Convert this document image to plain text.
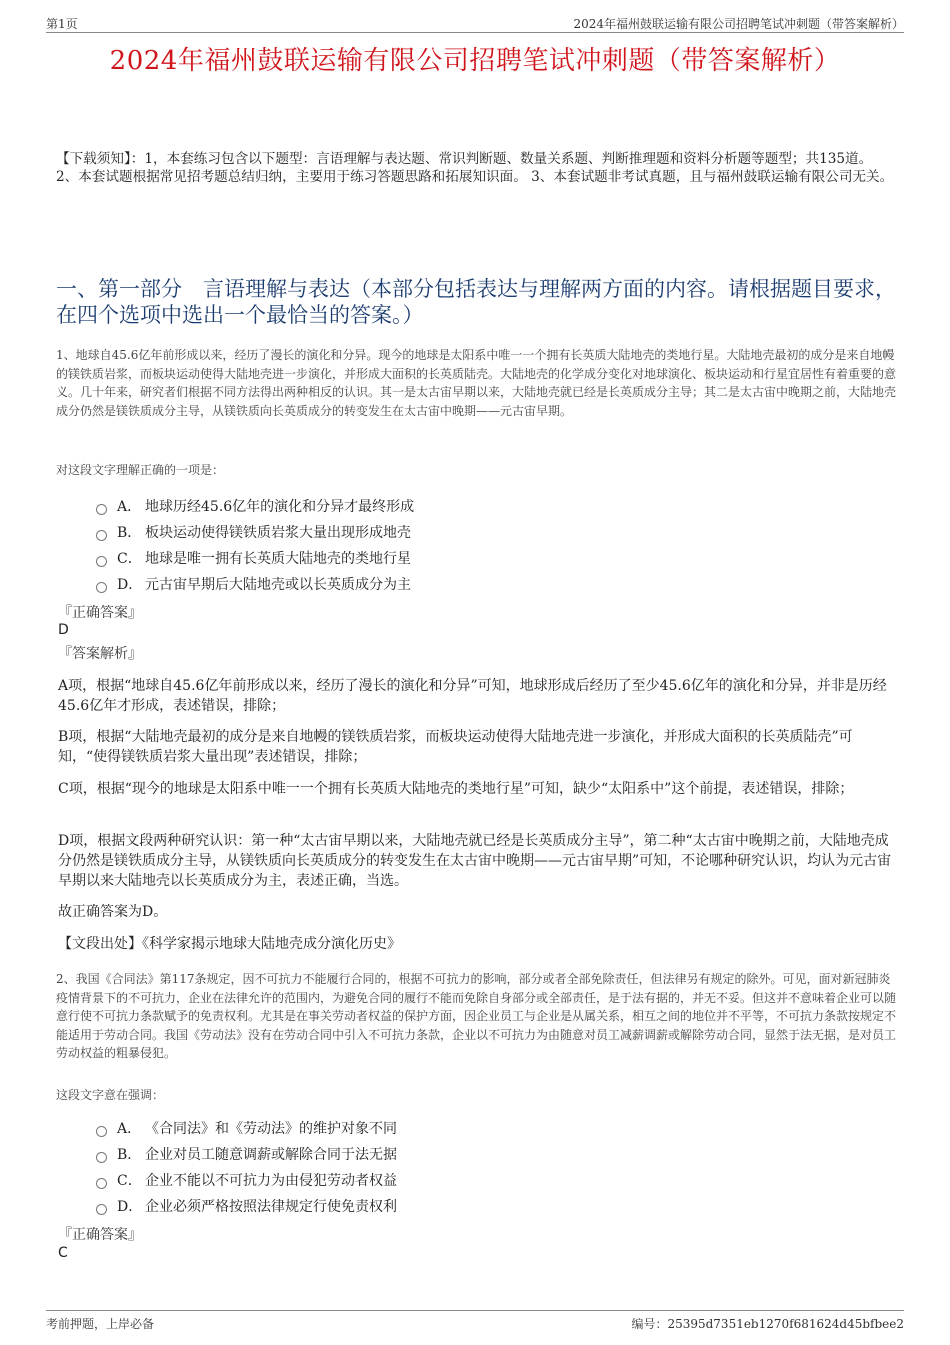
第1页	2024年福州鼓联运输有限公司招聘笔试冲刺题（带答案解析）
2024年福州鼓联运输有限公司招聘笔试冲刺题（带答案解析）
【下载须知】：1，本套练习包含以下题型：言语理解与表达题、常识判断题、数量关系题、判断推理题和资料分析题等题型；共135道。 2、本套试题根据常见招考题总结归纳，主要用于练习答题思路和拓展知识面。 3、本套试题非考试真题，且与福州鼓联运输有限公司无关。
一、第一部分　言语理解与表达（本部分包括表达与理解两方面的内容。请根据题目要求，在四个选项中选出一个最恰当的答案。）
1、地球自45.6亿年前形成以来，经历了漫长的演化和分异。现今的地球是太阳系中唯一一个拥有长英质大陆地壳的类地行星。大陆地壳最初的成分是来自地幔的镁铁质岩浆，而板块运动使得大陆地壳进一步演化，并形成大面积的长英质陆壳。大陆地壳的化学成分变化对地球演化、板块运动和行星宜居性有着重要的意义。几十年来，研究者们根据不同方法得出两种相反的认识。其一是太古宙早期以来，大陆地壳就已经是长英质成分主导；其二是太古宙中晚期之前，大陆地壳成分仍然是镁铁质成分主导，从镁铁质向长英质成分的转变发生在太古宙中晚期——元古宙早期。
对这段文字理解正确的一项是：
A． 地球历经45.6亿年的演化和分异才最终形成
B． 板块运动使得镁铁质岩浆大量出现形成地壳
C． 地球是唯一拥有长英质大陆地壳的类地行星
D． 元古宙早期后大陆地壳或以长英质成分为主
『正确答案』
D
『答案解析』
A项，根据“地球自45.6亿年前形成以来，经历了漫长的演化和分异”可知，地球形成后经历了至少45.6亿年的演化和分异，并非是历经45.6亿年才形成，表述错误，排除；
B项，根据“大陆地壳最初的成分是来自地幔的镁铁质岩浆，而板块运动使得大陆地壳进一步演化，并形成大面积的长英质陆壳”可知，“使得镁铁质岩浆大量出现”表述错误，排除；
C项，根据“现今的地球是太阳系中唯一一个拥有长英质大陆地壳的类地行星”可知，缺少“太阳系中”这个前提，表述错误，排除；
D项，根据文段两种研究认识：第一种“太古宙早期以来，大陆地壳就已经是长英质成分主导”，第二种“太古宙中晚期之前，大陆地壳成分仍然是镁铁质成分主导，从镁铁质向长英质成分的转变发生在太古宙中晚期——元古宙早期”可知，不论哪种研究认识，均认为元古宙早期以来大陆地壳以长英质成分为主，表述正确，当选。
故正确答案为D。
【文段出处】《科学家揭示地球大陆地壳成分演化历史》
2、我国《合同法》第117条规定，因不可抗力不能履行合同的，根据不可抗力的影响，部分或者全部免除责任，但法律另有规定的除外。可见，面对新冠肺炎疫情背景下的不可抗力，企业在法律允许的范围内，为避免合同的履行不能而免除自身部分或全部责任，是于法有据的，并无不妥。但这并不意味着企业可以随意行使不可抗力条款赋予的免责权利。尤其是在事关劳动者权益的保护方面，因企业员工与企业是从属关系，相互之间的地位并不平等，不可抗力条款按规定不能适用于劳动合同。我国《劳动法》没有在劳动合同中引入不可抗力条款，企业以不可抗力为由随意对员工减薪调薪或解除劳动合同，显然于法无据，是对员工劳动权益的粗暴侵犯。
这段文字意在强调：
A． 《合同法》和《劳动法》的维护对象不同
B． 企业对员工随意调薪或解除合同于法无据
C． 企业不能以不可抗力为由侵犯劳动者权益
D． 企业必须严格按照法律规定行使免责权利
『正确答案』
C
考前押题，上岸必备	编号：25395d7351eb1270f681624d45bfbee2
